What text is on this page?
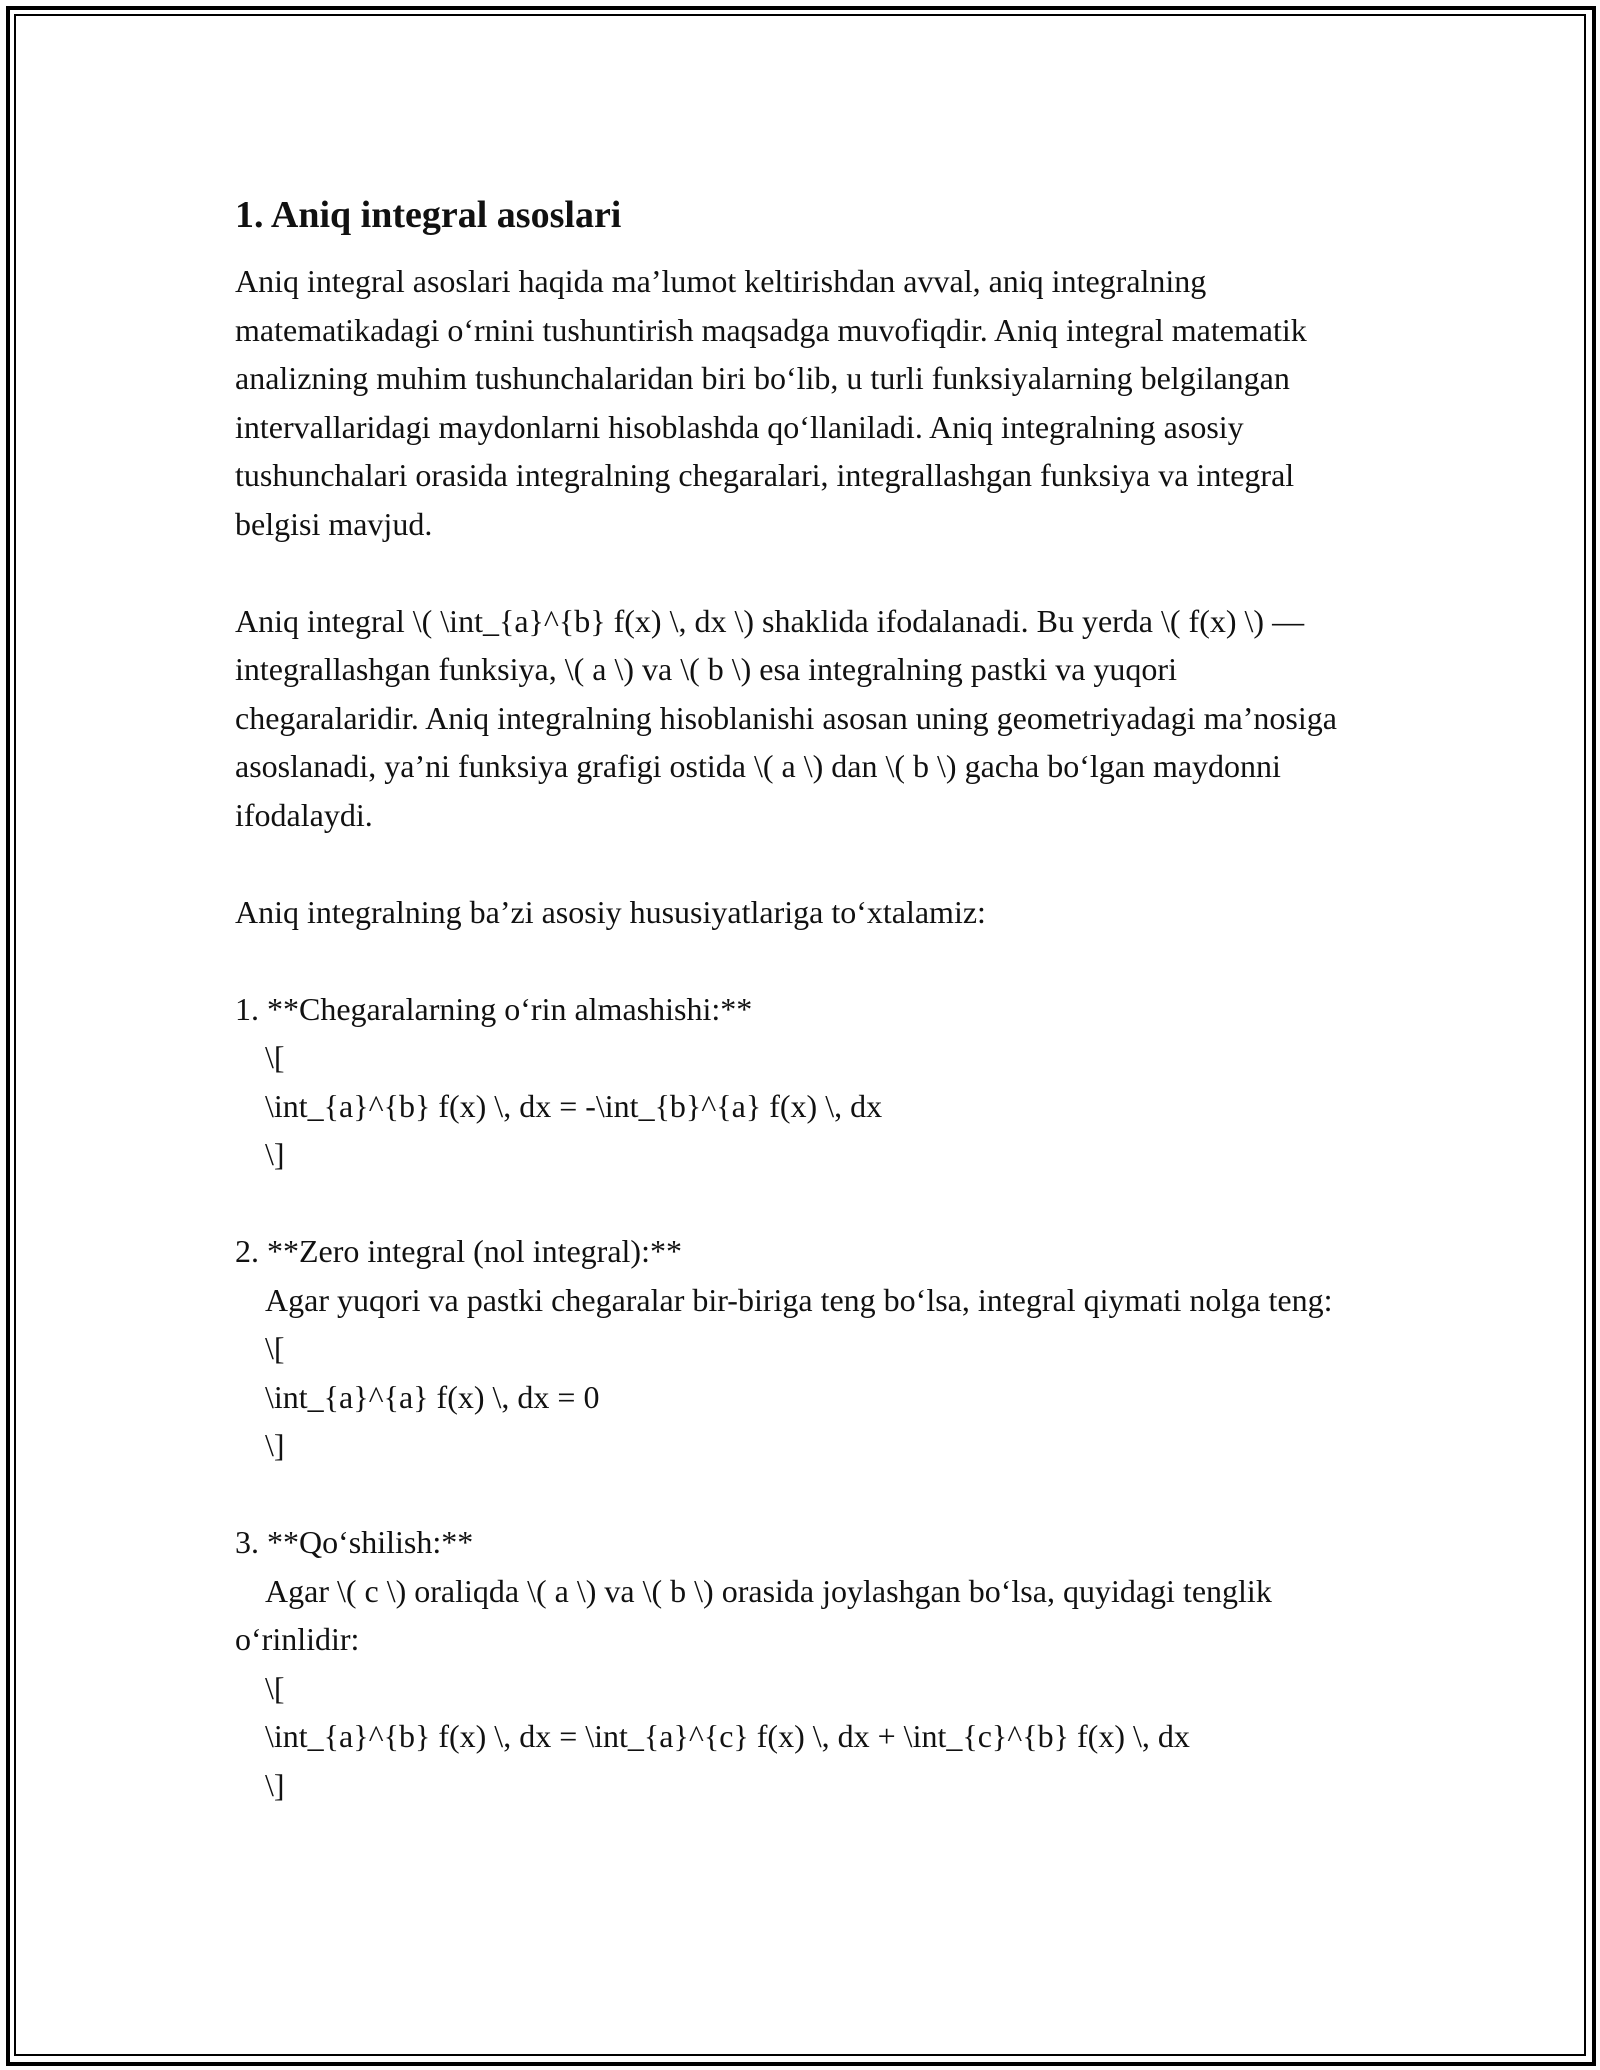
1. Aniq integral asoslari

Aniq integral asoslari haqida ma’lumot keltirishdan avval, aniq integralning matematikadagi o‘rnini tushuntirish maqsadga muvofiqdir. Aniq integral matematik analizning muhim tushunchalaridan biri bo‘lib, u turli funksiyalarning belgilangan intervallaridagi maydonlarni hisoblashda qo‘llaniladi. Aniq integralning asosiy tushunchalari orasida integralning chegaralari, integrallashgan funksiya va integral belgisi mavjud.

Aniq integral \( \int_{a}^{b} f(x) \, dx \) shaklida ifodalanadi. Bu yerda \( f(x) \) — integrallashgan funksiya, \( a \) va \( b \) esa integralning pastki va yuqori chegaralaridir. Aniq integralning hisoblanishi asosan uning geometriyadagi ma’nosiga asoslanadi, ya’ni funksiya grafigi ostida \( a \) dan \( b \) gacha bo‘lgan maydonni ifodalaydi.

Aniq integralning ba’zi asosiy hususiyatlariga to‘xtalamiz:

1. **Chegaralarning o‘rin almashishi:**
\[
\int_{a}^{b} f(x) \, dx = -\int_{b}^{a} f(x) \, dx
\]
2. **Zero integral (nol integral):**
Agar yuqori va pastki chegaralar bir-biriga teng bo‘lsa, integral qiymati nolga teng:
\[
\int_{a}^{a} f(x) \, dx = 0
\]
3. **Qo‘shilish:**
Agar \( c \) oraliqda \( a \) va \( b \) orasida joylashgan bo‘lsa, quyidagi tenglik o‘rinlidir:
\[
\int_{a}^{b} f(x) \, dx = \int_{a}^{c} f(x) \, dx + \int_{c}^{b} f(x) \, dx
\]
